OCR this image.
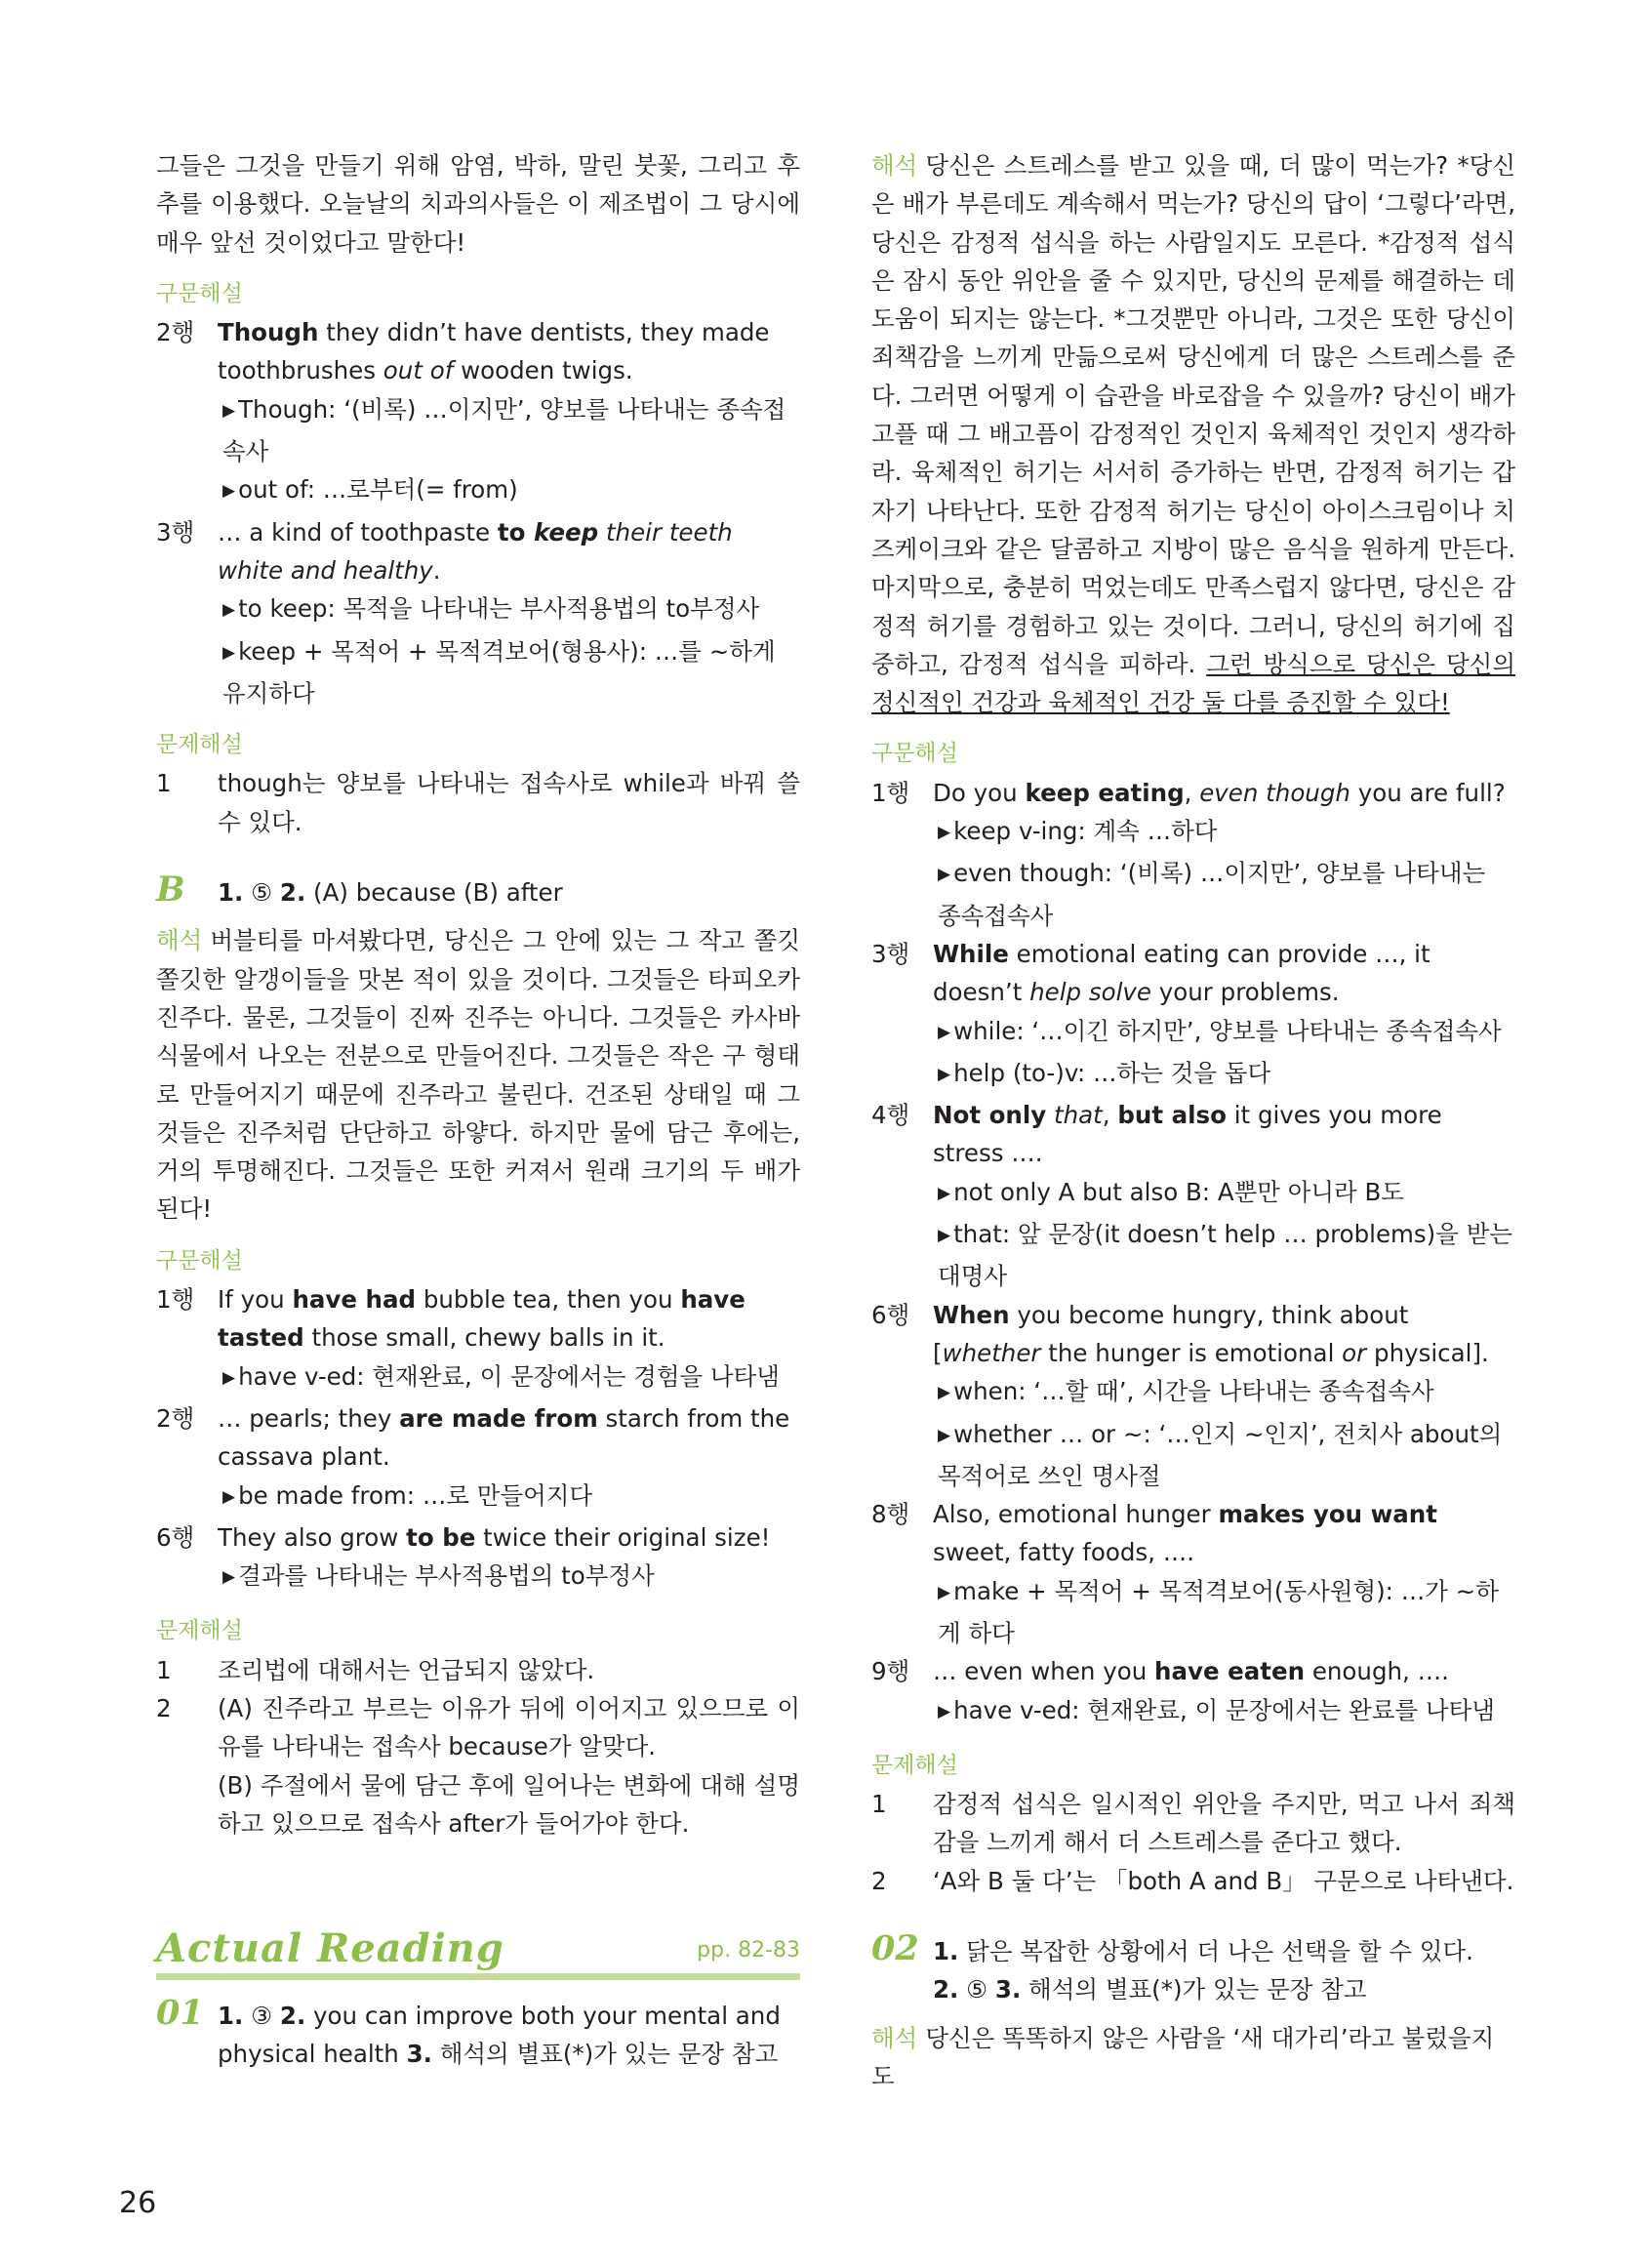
그들은 그것을 만들기 위해 암염, 박하, 말린 붓꽃, 그리고 후추를 이용했다. 오늘날의 치과의사들은 이 제조법이 그 당시에 매우 앞선 것이었다고 말한다!

구문해설

2행 Though they didn’t have dentists, they made toothbrushes out of wooden twigs.

▶ Though: ‘(비록) …이지만’, 양보를 나타내는 종속접속사

▶ out of: …로부터(= from)

3행 … a kind of toothpaste to keep their teeth white and healthy.

▶ to keep: 목적을 나타내는 부사적용법의 to부정사

▶ keep + 목적어 + 목적격보어(형용사): …를 ~하게 유지하다

문제해설

1	though는 양보를 나타내는 접속사로 while과 바꿔 쓸 수 있다.

B	1. ⑤ 2. (A) because (B) after

해석 버블티를 마셔봤다면, 당신은 그 안에 있는 그 작고 쫄깃쫄깃한 알갱이들을 맛본 적이 있을 것이다. 그것들은 타피오카 진주다. 물론, 그것들이 진짜 진주는 아니다. 그것들은 카사바 식물에서 나오는 전분으로 만들어진다. 그것들은 작은 구 형태로 만들어지기 때문에 진주라고 불린다. 건조된 상태일 때 그것들은 진주처럼 단단하고 하얗다. 하지만 물에 담근 후에는, 거의 투명해진다. 그것들은 또한 커져서 원래 크기의 두 배가 된다!

구문해설

1행 If you have had bubble tea, then you have tasted those small, chewy balls in it.

▶ have v-ed: 현재완료, 이 문장에서는 경험을 나타냄

2행 … pearls; they are made from starch from the cassava plant.

▶ be made from: …로 만들어지다

6행 They also grow to be twice their original size!

▶ 결과를 나타내는 부사적용법의 to부정사

문제해설

1	조리법에 대해서는 언급되지 않았다.

2	(A) 진주라고 부르는 이유가 뒤에 이어지고 있으므로 이유를 나타내는 접속사 because가 알맞다.

(B) 주절에서 물에 담근 후에 일어나는 변화에 대해 설명하고 있으므로 접속사 after가 들어가야 한다.

Actual Reading	pp. 82-83
01 1. ③ 2. you can improve both your mental and physical health 3. 해석의 별표(*)가 있는 문장 참고

해석 당신은 스트레스를 받고 있을 때, 더 많이 먹는가? *당신은 배가 부른데도 계속해서 먹는가? 당신의 답이 ‘그렇다’라면, 당신은 감정적 섭식을 하는 사람일지도 모른다. *감정적 섭식은 잠시 동안 위안을 줄 수 있지만, 당신의 문제를 해결하는 데 도움이 되지는 않는다. *그것뿐만 아니라, 그것은 또한 당신이 죄책감을 느끼게 만듦으로써 당신에게 더 많은 스트레스를 준다. 그러면 어떻게 이 습관을 바로잡을 수 있을까? 당신이 배가 고플 때 그 배고픔이 감정적인 것인지 육체적인 것인지 생각하라. 육체적인 허기는 서서히 증가하는 반면, 감정적 허기는 갑자기 나타난다. 또한 감정적 허기는 당신이 아이스크림이나 치즈케이크와 같은 달콤하고 지방이 많은 음식을 원하게 만든다. 마지막으로, 충분히 먹었는데도 만족스럽지 않다면, 당신은 감정적 허기를 경험하고 있는 것이다. 그러니, 당신의 허기에 집중하고, 감정적 섭식을 피하라. 그런 방식으로 당신은 당신의 정신적인 건강과 육체적인 건강 둘 다를 증진할 수 있다!

구문해설

1행 Do you keep eating, even though you are full?

▶ keep v-ing: 계속 …하다

▶ even though: ‘(비록) …이지만’, 양보를 나타내는 종속접속사

3행 While emotional eating can provide …, it doesn’t help solve your problems.

▶ while: ‘…이긴 하지만’, 양보를 나타내는 종속접속사

▶ help (to-)v: …하는 것을 돕다

4행 Not only that, but also it gives you more stress ….

▶ not only A but also B: A뿐만 아니라 B도

▶ that: 앞 문장(it doesn’t help … problems)을 받는 대명사

6행 When you become hungry, think about [whether the hunger is emotional or physical].

▶ when: ‘…할 때’, 시간을 나타내는 종속접속사

▶ whether … or ~: ‘…인지 ~인지’, 전치사 about의 목적어로 쓰인 명사절

8행 Also, emotional hunger makes you want sweet, fatty foods, ….

▶ make + 목적어 + 목적격보어(동사원형): …가 ~하게 하다

9행 … even when you have eaten enough, ….

▶ have v-ed: 현재완료, 이 문장에서는 완료를 나타냄

문제해설

1	감정적 섭식은 일시적인 위안을 주지만, 먹고 나서 죄책감을 느끼게 해서 더 스트레스를 준다고 했다.

2	‘A와 B 둘 다’는 「both A and B」 구문으로 나타낸다.

02 1. 닭은 복잡한 상황에서 더 나은 선택을 할 수 있다.

2. ⑤ 3. 해석의 별표(*)가 있는 문장 참고

해석 당신은 똑똑하지 않은 사람을 ‘새 대가리’라고 불렀을지도

26
